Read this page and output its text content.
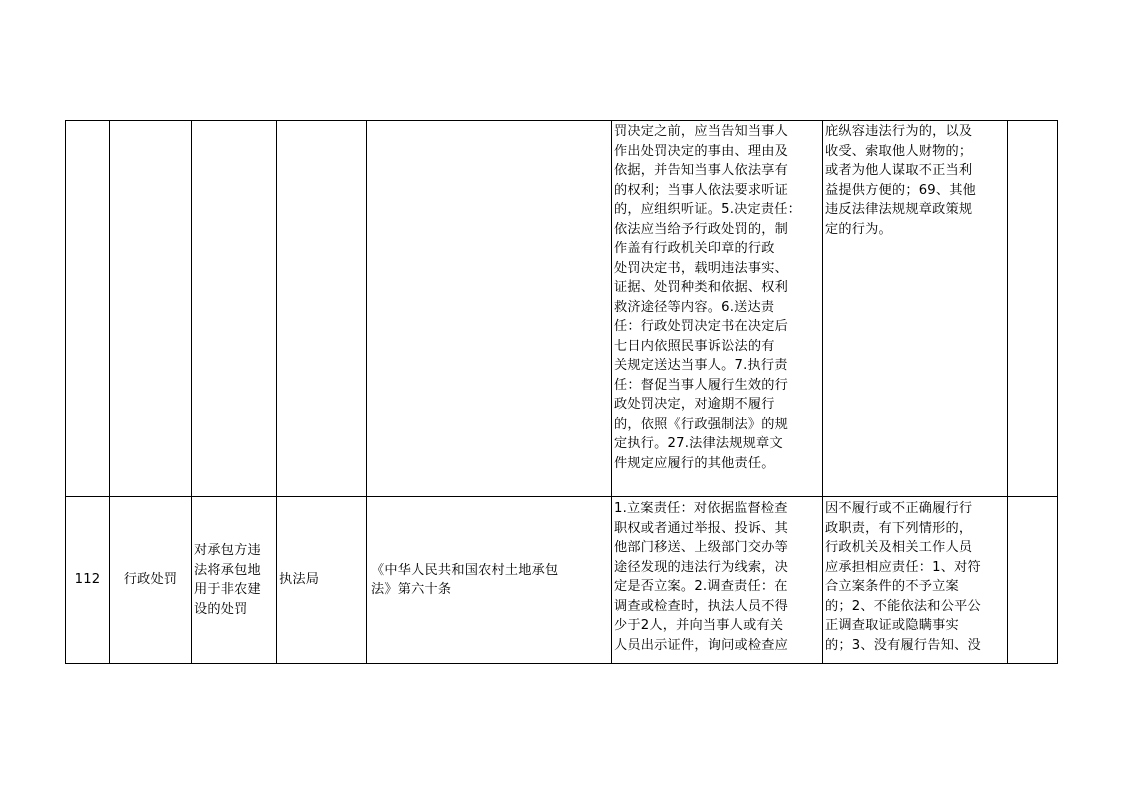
罚决定之前，应当告知当事人

作出处罚决定的事由、理由及

依据，并告知当事人依法享有

的权利；当事人依法要求听证

的，应组织听证。5.决定责任：

依法应当给予行政处罚的，制

作盖有行政机关印章的行政

处罚决定书，载明违法事实、

证据、处罚种类和依据、权利

救济途径等内容。6.送达责

任：行政处罚决定书在决定后

七日内依照民事诉讼法的有

关规定送达当事人。7.执行责

任：督促当事人履行生效的行

政处罚决定，对逾期不履行

的，依照《行政强制法》的规

定执行。27.法律法规规章文

件规定应履行的其他责任。

庇纵容违法行为的，以及

收受、索取他人财物的；

或者为他人谋取不正当利

益提供方便的；69、其他

违反法律法规规章政策规

定的行为。

112	行政处罚

对承包方违

法将承包地

用于非农建

设的处罚

执法局

《中华人民共和国农村土地承包

法》第六十条

1.立案责任：对依据监督检查

职权或者通过举报、投诉、其

他部门移送、上级部门交办等

途径发现的违法行为线索，决

定是否立案。2.调查责任：在

调查或检查时，执法人员不得

少于2人，并向当事人或有关

人员出示证件，询问或检查应

因不履行或不正确履行行

政职责，有下列情形的，

行政机关及相关工作人员

应承担相应责任：1、对符

合立案条件的不予立案

的；2、不能依法和公平公

正调查取证或隐瞒事实

的；3、没有履行告知、没
